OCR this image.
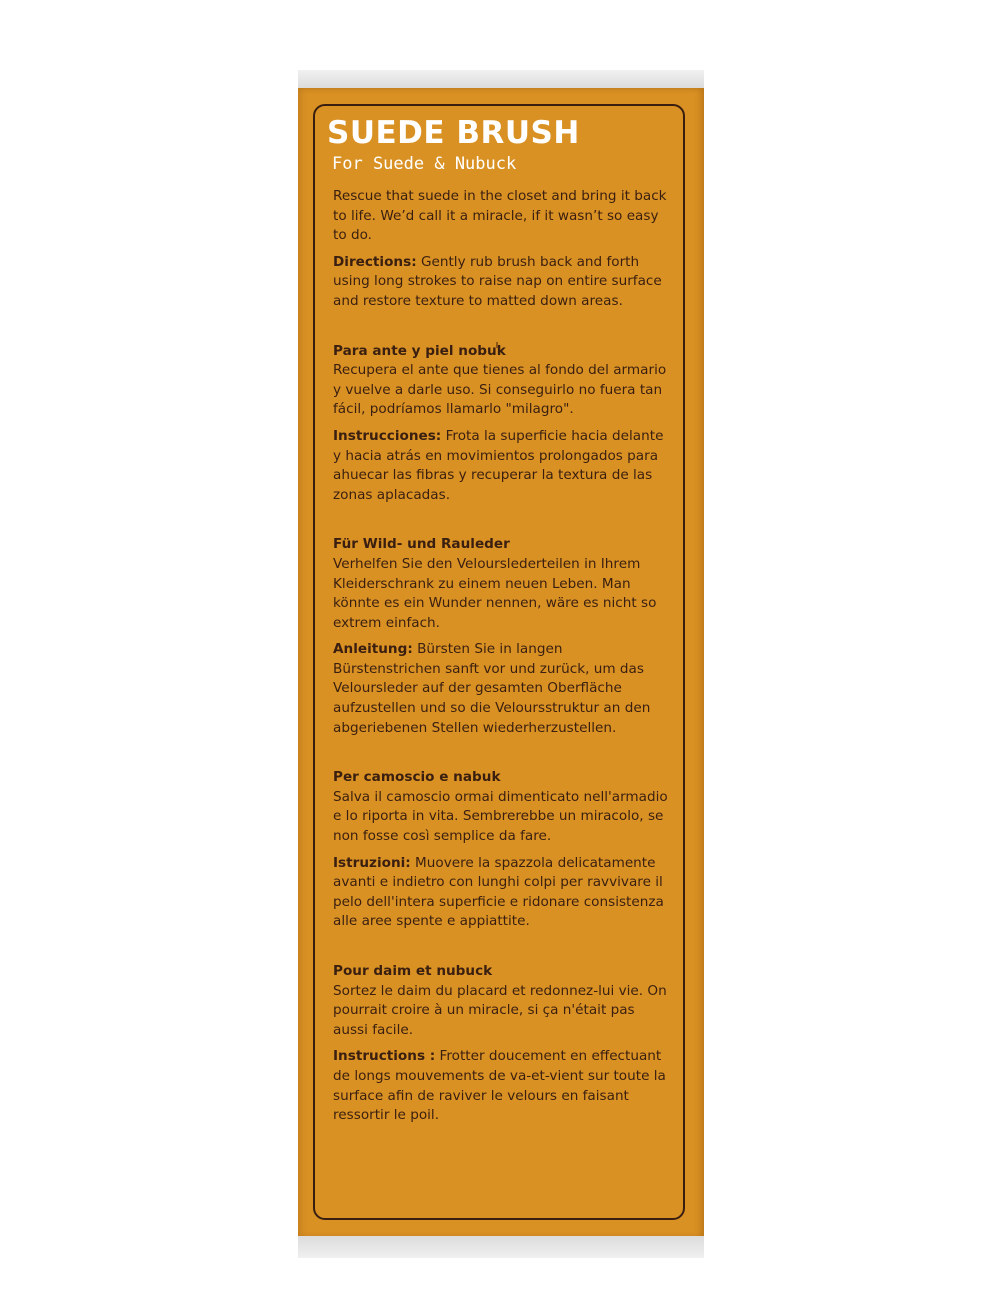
SUEDE BRUSH
For Suede & Nubuck

Rescue that suede in the closet and bring it back to life. We’d call it a miracle, if it wasn’t so easy to do.

Directions: Gently rub brush back and forth using long strokes to raise nap on entire surface and restore texture to matted down areas.

Para ante y piel nobuk

Recupera el ante que tienes al fondo del armario y vuelve a darle uso. Si conseguirlo no fuera tan fácil, podríamos llamarlo "milagro".

Instrucciones: Frota la superficie hacia delante y hacia atrás en movimientos prolongados para ahuecar las fibras y recuperar la textura de las zonas aplacadas.

Für Wild- und Rauleder

Verhelfen Sie den Veloursledertеilen in Ihrem Kleiderschrank zu einem neuen Leben. Man könnte es ein Wunder nennen, wäre es nicht so extrem einfach.

Anleitung: Bürsten Sie in langen Bürstenstrichen sanft vor und zurück, um das Veloursleder auf der gesamten Oberfläche aufzustellen und so die Veloursstruktur an den abgeriebenen Stellen wiederherzustellen.

Per camoscio e nabuk

Salva il camoscio ormai dimenticato nell'armadio e lo riporta in vita. Sembrerebbe un miracolo, se non fosse così semplice da fare.

Istruzioni: Muovere la spazzola delicatamente avanti e indietro con lunghi colpi per ravvivare il pelo dell'intera superficie e ridonare consistenza alle aree spente e appiattite.

Pour daim et nubuck

Sortez le daim du placard et redonnez-lui vie. On pourrait croire à un miracle, si ça n'était pas aussi facile.

Instructions : Frotter doucement en effectuant de longs mouvements de va-et-vient sur toute la surface afin de raviver le velours en faisant ressortir le poil.
